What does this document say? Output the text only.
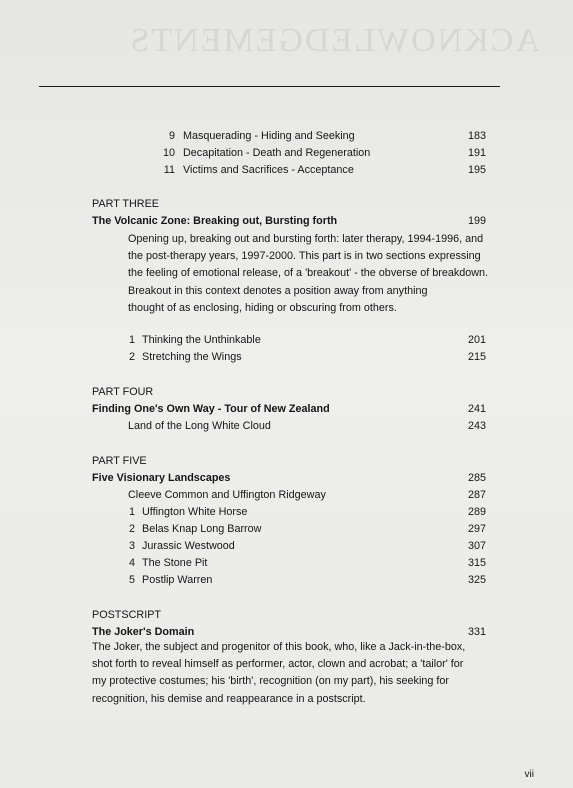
ACKNOWLEDGEMENTS
9 Masquerading - Hiding and Seeking	183
10 Decapitation - Death and Regeneration	191
11 Victims and Sacrifices - Acceptance	195
PART THREE
The Volcanic Zone: Breaking out, Bursting forth	199
Opening up, breaking out and bursting forth: later therapy, 1994-1996, and
the post-therapy years, 1997-2000. This part is in two sections expressing
the feeling of emotional release, of a 'breakout' - the obverse of breakdown.
Breakout in this context denotes a position away from anything
thought of as enclosing, hiding or obscuring from others.
1 Thinking the Unthinkable	201
2 Stretching the Wings	215
PART FOUR
Finding One's Own Way - Tour of New Zealand	241
Land of the Long White Cloud	243
PART FIVE
Five Visionary Landscapes	285
Cleeve Common and Uffington Ridgeway	287
1 Uffington White Horse	289
2 Belas Knap Long Barrow	297
3 Jurassic Westwood	307
4 The Stone Pit	315
5 Postlip Warren	325
POSTSCRIPT
The Joker's Domain	331
The Joker, the subject and progenitor of this book, who, like a Jack-in-the-box,
shot forth to reveal himself as performer, actor, clown and acrobat; a 'tailor' for
my protective costumes; his 'birth', recognition (on my part), his seeking for
recognition, his demise and reappearance in a postscript.
vii
